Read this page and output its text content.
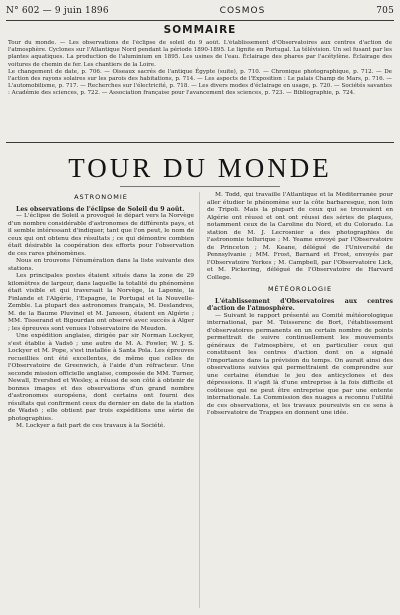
N° 602 — 9 juin 1896	COSMOS	705
SOMMAIRE
Tour du monde. — Les observations de l'éclipse de soleil du 9 août. L'établissement d'Observatoires aux centres d'action de l'atmosphère. Cyclones sur l'Atlantique Nord pendant la période 1890-1895. Le lignite en Portugal. La télévision. Un sel fusant par les plantes aquatiques. La production de l'aluminium en 1895. Les usines de l'eau. Éclairage des phares par l'acétylène. Éclairage des voitures de chemin de fer. Les chantiers de la Loire.
Le changement de date, p. 706. — Oiseaux sacrés de l'antique Égypte (suite), p. 710. — Chronique photographique, p. 712. — De l'action des rayons solaires sur les parois des habitations, p. 714. — Les aspects de l'Exposition : Le palais Champ de Mars, p. 716. — L'automobilisme, p. 717. — Recherches sur l'électricité, p. 718. — Les divers modes d'éclairage en usage, p. 720. — Sociétés savantes : Académie des sciences, p. 722. — Association française pour l'avancement des sciences, p. 723. — Bibliographie, p. 724.
TOUR DU MONDE
ASTRONOMIE

Les observations de l'éclipse de Soleil du 9 août.

— L'éclipse de Soleil a provoqué le départ vers la Norvège d'un nombre considérable d'astronomes de différents pays, et il semble intéressant d'indiquer, tant que l'on peut, le nom de ceux qui ont obtenu des résultats ; ce qui démontre combien était désirable la coopération des efforts pour l'observation de ces rares phénomènes.

Nous en trouvons l'énumération dans la liste suivante des stations.

Les principales postes étaient situés dans la zone de 29 kilomètres de largeur, dans laquelle la totalité du phénomène était visible et qui traversait la Norvège, la Laponie, la Finlande et l'Algérie, l'Espagne, le Portugal et la Nouvelle-Zemble. La plupart des astronomes français, M. Deslandres, M. de la Baume Pluvinel et M. Janssen, étaient en Algérie ; MM. Tisserand et Bigourdan ont observé avec succès à Alger ; les épreuves sont venues l'observatoire de Meudon.

Une expédition anglaise, dirigée par sir Norman Lockyer, s'est établie à Vadsö ; une autre de M. A. Fowler, W. J. S. Lockyer et M. Pope, s'est installée à Santa Pola. Les épreuves recueillies ont été excellentes, de même que celles de l'Observatoire de Greenwich, à l'aide d'un réfracteur. Une seconde mission officielle anglaise, composée de MM. Turner, Newall, Evershed et Wesley, a réussi de son côté à obtenir de bonnes images et des observations d'un grand nombre d'astronomes européens, dont certains ont fourni des résultats qui confirment ceux du dernier en date de la station de Wadsö ; elle obtient par trois expéditions une série de photographies.

M. Lockyer a fait part de ces travaux à la Société.

M. Todd, qui travaille l'Atlantique et la Méditerranée pour aller étudier le phénomène sur la côte barbaresque, non loin de Tripoli. Mais la plupart de ceux qui se trouvaient en Algérie ont réussi et ont ont réussi des séries de plaques, notamment ceux de la Caroline du Nord, et du Colorado. La station de M. J. Lecrosnier a des photographies de l'astronomie tellurique ; M. Yeame envoyé par l'Observatoire de Princeton ; M. Keane, délégué de l'Université de Pennsylvanie ; MM. Frost, Barnard et Frost, envoyés par l'Observatoire Yerkes ; M. Campbell, par l'Observatoire Lick, et M. Pickering, délégué de l'Observatoire de Harvard College.

MÉTÉOROLOGIE

L'établissement d'Observatoires aux centres d'action de l'atmosphère.

— Suivant le rapport présenté au Comité météorologique international, par M. Teisserenc de Bort, l'établissement d'observatoires permanents en un certain nombre de points permettrait de suivre continuellement les mouvements généraux de l'atmosphère, et en particulier ceux qui constituent les centres d'action dont on a signalé l'importance dans la prévision du temps. On aurait ainsi des observations suivies qui permettraient de comprendre sur une certaine étendue le jeu des anticyclones et des dépressions. Il s'agit là d'une entreprise à la fois difficile et coûteuse qui ne peut être entreprise que par une entente internationale. La Commission des nuages a reconnu l'utilité de ces observations, et les travaux poursuivis en ce sens à l'observatoire de Trappes en donnent une idée.
